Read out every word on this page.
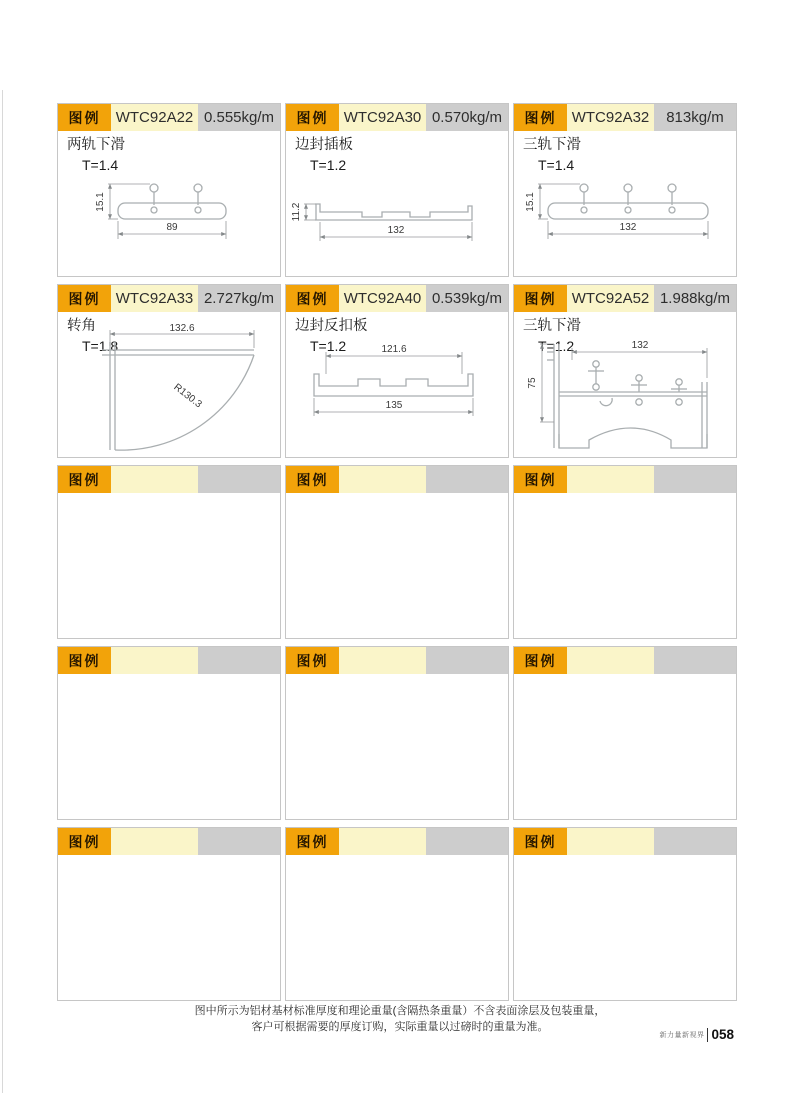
图例	WTC92A22 0.555kg/m
两轨下滑
T=1.4
15.1
89
图例	WTC92A30 0.570kg/m
边封插板
T=1.2
11.2
132
图例	WTC92A32	813kg/m
三轨下滑
T=1.4
15.1
132
图例	WTC92A33 2.727kg/m
转角
T=1.8
132.6
R130.3
图例	WTC92A40 0.539kg/m
边封反扣板
T=1.2	121.6
135
图例	WTC92A52 1.988kg/m
三轨下滑
T=1.2	132
75
图例	图例	图例
图例	图例	图例
图例	图例	图例
图中所示为铝材基材标准厚度和理论重量(含隔热条重量）不含表面涂层及包装重量，
客户可根据需要的厚度订购，实际重量以过磅时的重量为准。
新力量新视界 058
